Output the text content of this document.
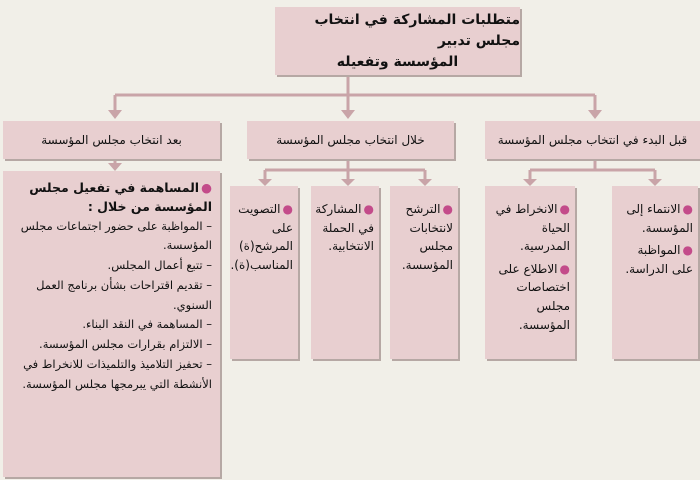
متطلبات المشاركة في انتخاب مجلس تدبير
المؤسسة وتفعيله
قبل البدء في انتخاب مجلس المؤسسة
خلال انتخاب مجلس المؤسسة
بعد انتخاب مجلس المؤسسة
●الانتماء إلى المؤسسة.
●المواظبة على الدراسة.
●الانخراط في الحياة المدرسية.
●الاطلاع على اختصاصات مجلس المؤسسة.
●الترشح لانتخابات مجلس المؤسسة.
●المشاركة في الحملة الانتخابية.
●التصويت على المرشح(ة) المناسب(ة).
●المساهمة في تفعيل مجلس المؤسسة من خلال :
– المواظبة على حضور اجتماعات مجلس المؤسسة.
– تتبع أعمال المجلس.
– تقديم اقتراحات بشأن برنامج العمل السنوي.
– المساهمة في النقد البناء.
– الالتزام بقرارات مجلس المؤسسة.
– تحفيز التلاميذ والتلميذات للانخراط في الأنشطة التي يبرمجها مجلس المؤسسة.
